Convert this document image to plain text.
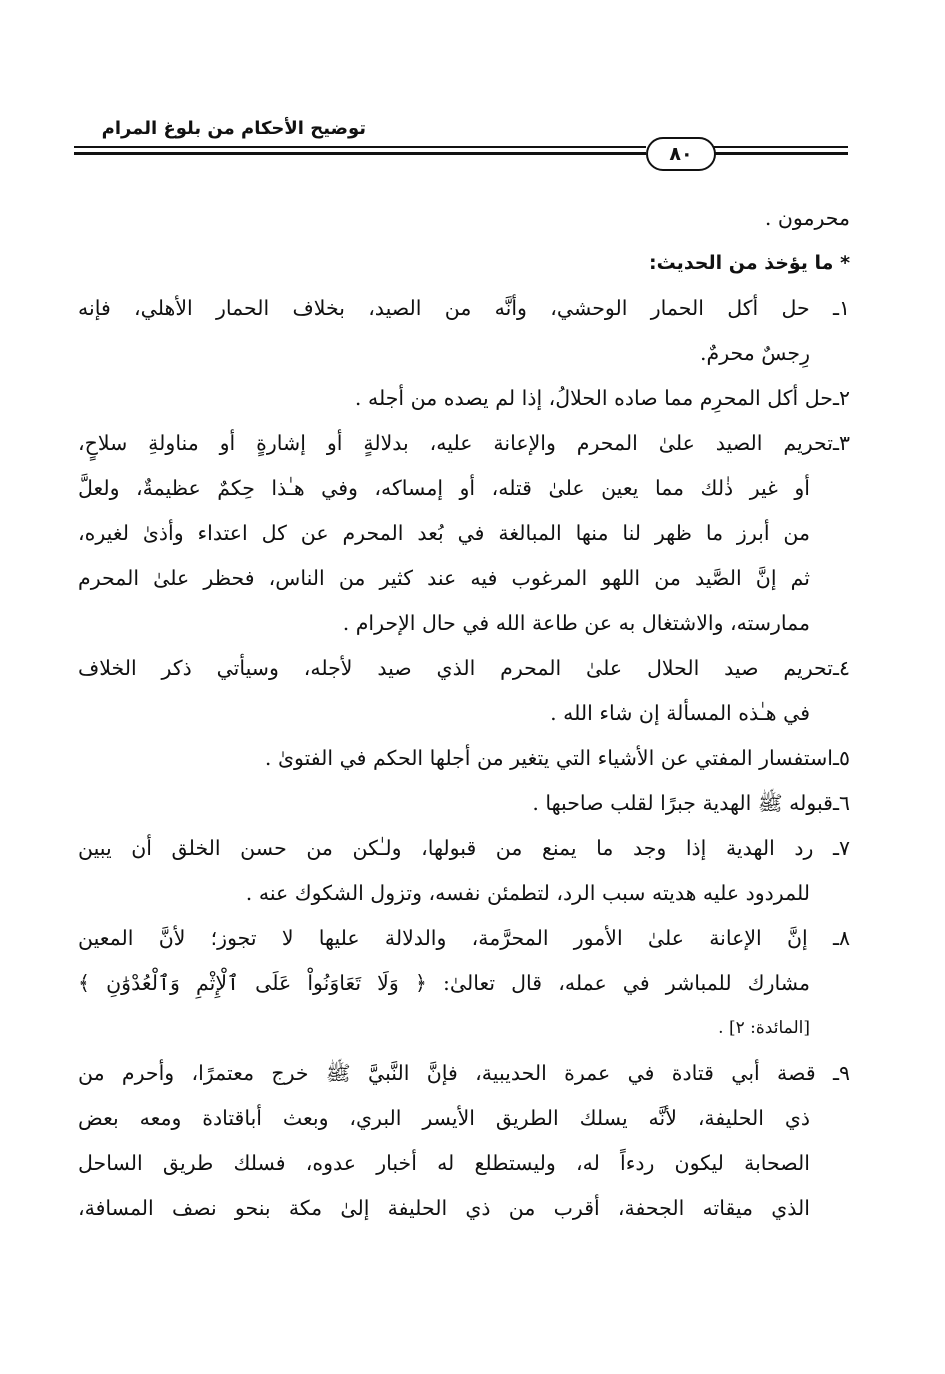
توضيح الأحكام من بلوغ المرام
٨٠
محرمون .
* ما يؤخذ من الحديث:
١ـ حل أكل الحمار الوحشي، وأنَّه من الصيد، بخلاف الحمار الأهلي، فإنه
رِجسٌ محرمٌ.
٢ـحل أكل المحرِم مما صاده الحلالُ، إذا لم يصده من أجله .
٣ـتحريم الصيد علىٰ المحرم والإعانة عليه، بدلالةٍ أو إشارةٍ أو مناولةِ سلاحٍ،
أو غير ذٰلك مما يعين علىٰ قتله، أو إمساكه، وفي هـٰذا حِكمٌ عظيمةٌ، ولعلَّ
من أبرز ما ظهر لنا منها المبالغة في بُعد المحرم عن كل اعتداء وأذىٰ لغيره،
ثم إنَّ الصَّيد من اللهو المرغوب فيه عند كثير من الناس، فحظر علىٰ المحرم
ممارسته، والاشتغال به عن طاعة الله في حال الإحرام .
٤ـتحريم صيد الحلال علىٰ المحرم الذي صيد لأجله، وسيأتي ذكر الخلاف
في هـٰذه المسألة إن شاء الله .
٥ـاستفسار المفتي عن الأشياء التي يتغير من أجلها الحكم في الفتوىٰ .
٦ـقبوله ﷺ الهدية جبرًا لقلب صاحبها .
٧ـ رد الهدية إذا وجد ما يمنع من قبولها، ولـٰكن من حسن الخلق أن يبين
للمردود عليه هديته سبب الرد، لتطمئن نفسه، وتزول الشكوك عنه .
٨ـ إنَّ الإعانة علىٰ الأمور المحرَّمة، والدلالة عليها لا تجوز؛ لأنَّ المعين
مشارك للمباشر في عمله، قال تعالىٰ: ﴿ وَلَا تَعَاوَنُواْ عَلَى ٱلْإِثْمِ وَٱلْعُدْوَٰنِ ﴾
[المائدة: ٢] .
٩ـ قصة أبي قتادة في عمرة الحديبية، فإنَّ النَّبيَّ ﷺ خرج معتمرًا، وأحرم من
ذي الحليفة، لأنَّه يسلك الطريق الأيسر البري، وبعث أباقتادة ومعه بعض
الصحابة ليكون ردءاً له، وليستطلع له أخبار عدوه، فسلك طريق الساحل
الذي ميقاته الجحفة، أقرب من ذي الحليفة إلىٰ مكة بنحو نصف المسافة،
